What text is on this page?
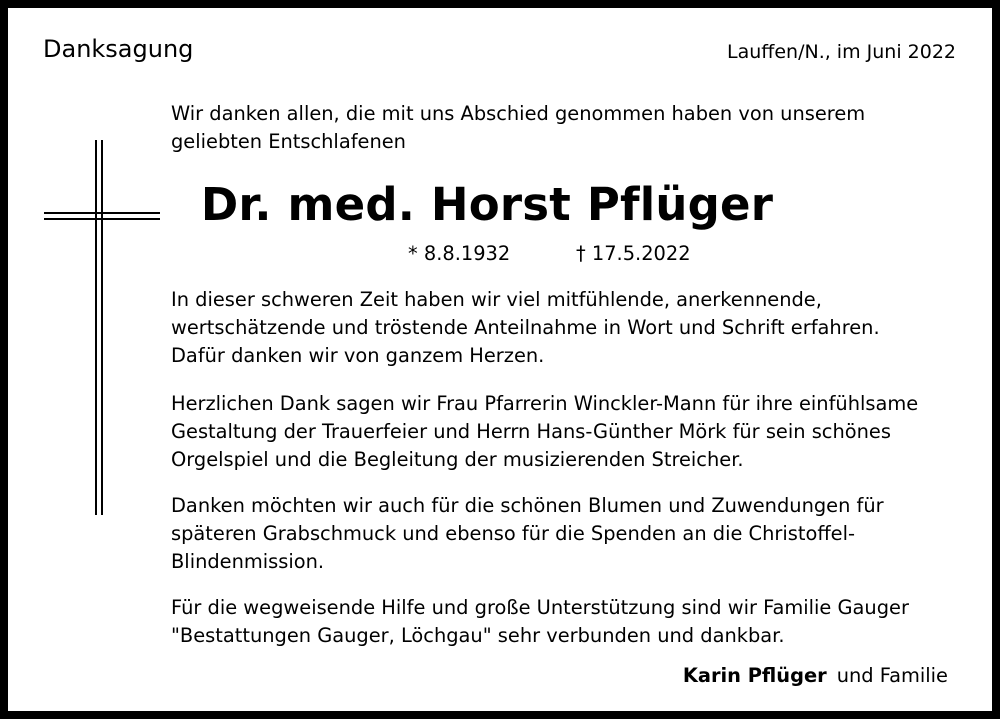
Danksagung	Lauffen/N., im Juni 2022

Wir danken allen, die mit uns Abschied genommen haben von unserem
geliebten Entschlafenen

Dr. med. Horst Pflüger
* 8.8.1932	† 17.5.2022

In dieser schweren Zeit haben wir viel mitfühlende, anerkennende,
wertschätzende und tröstende Anteilnahme in Wort und Schrift erfahren.
Dafür danken wir von ganzem Herzen.

Herzlichen Dank sagen wir Frau Pfarrerin Winckler-Mann für ihre einfühlsame
Gestaltung der Trauerfeier und Herrn Hans-Günther Mörk für sein schönes
Orgelspiel und die Begleitung der musizierenden Streicher.

Danken möchten wir auch für die schönen Blumen und Zuwendungen für
späteren Grabschmuck und ebenso für die Spenden an die Christoffel-
Blindenmission.

Für die wegweisende Hilfe und große Unterstützung sind wir Familie Gauger
"Bestattungen Gauger, Löchgau" sehr verbunden und dankbar.

Karin Pflüger und Familie
